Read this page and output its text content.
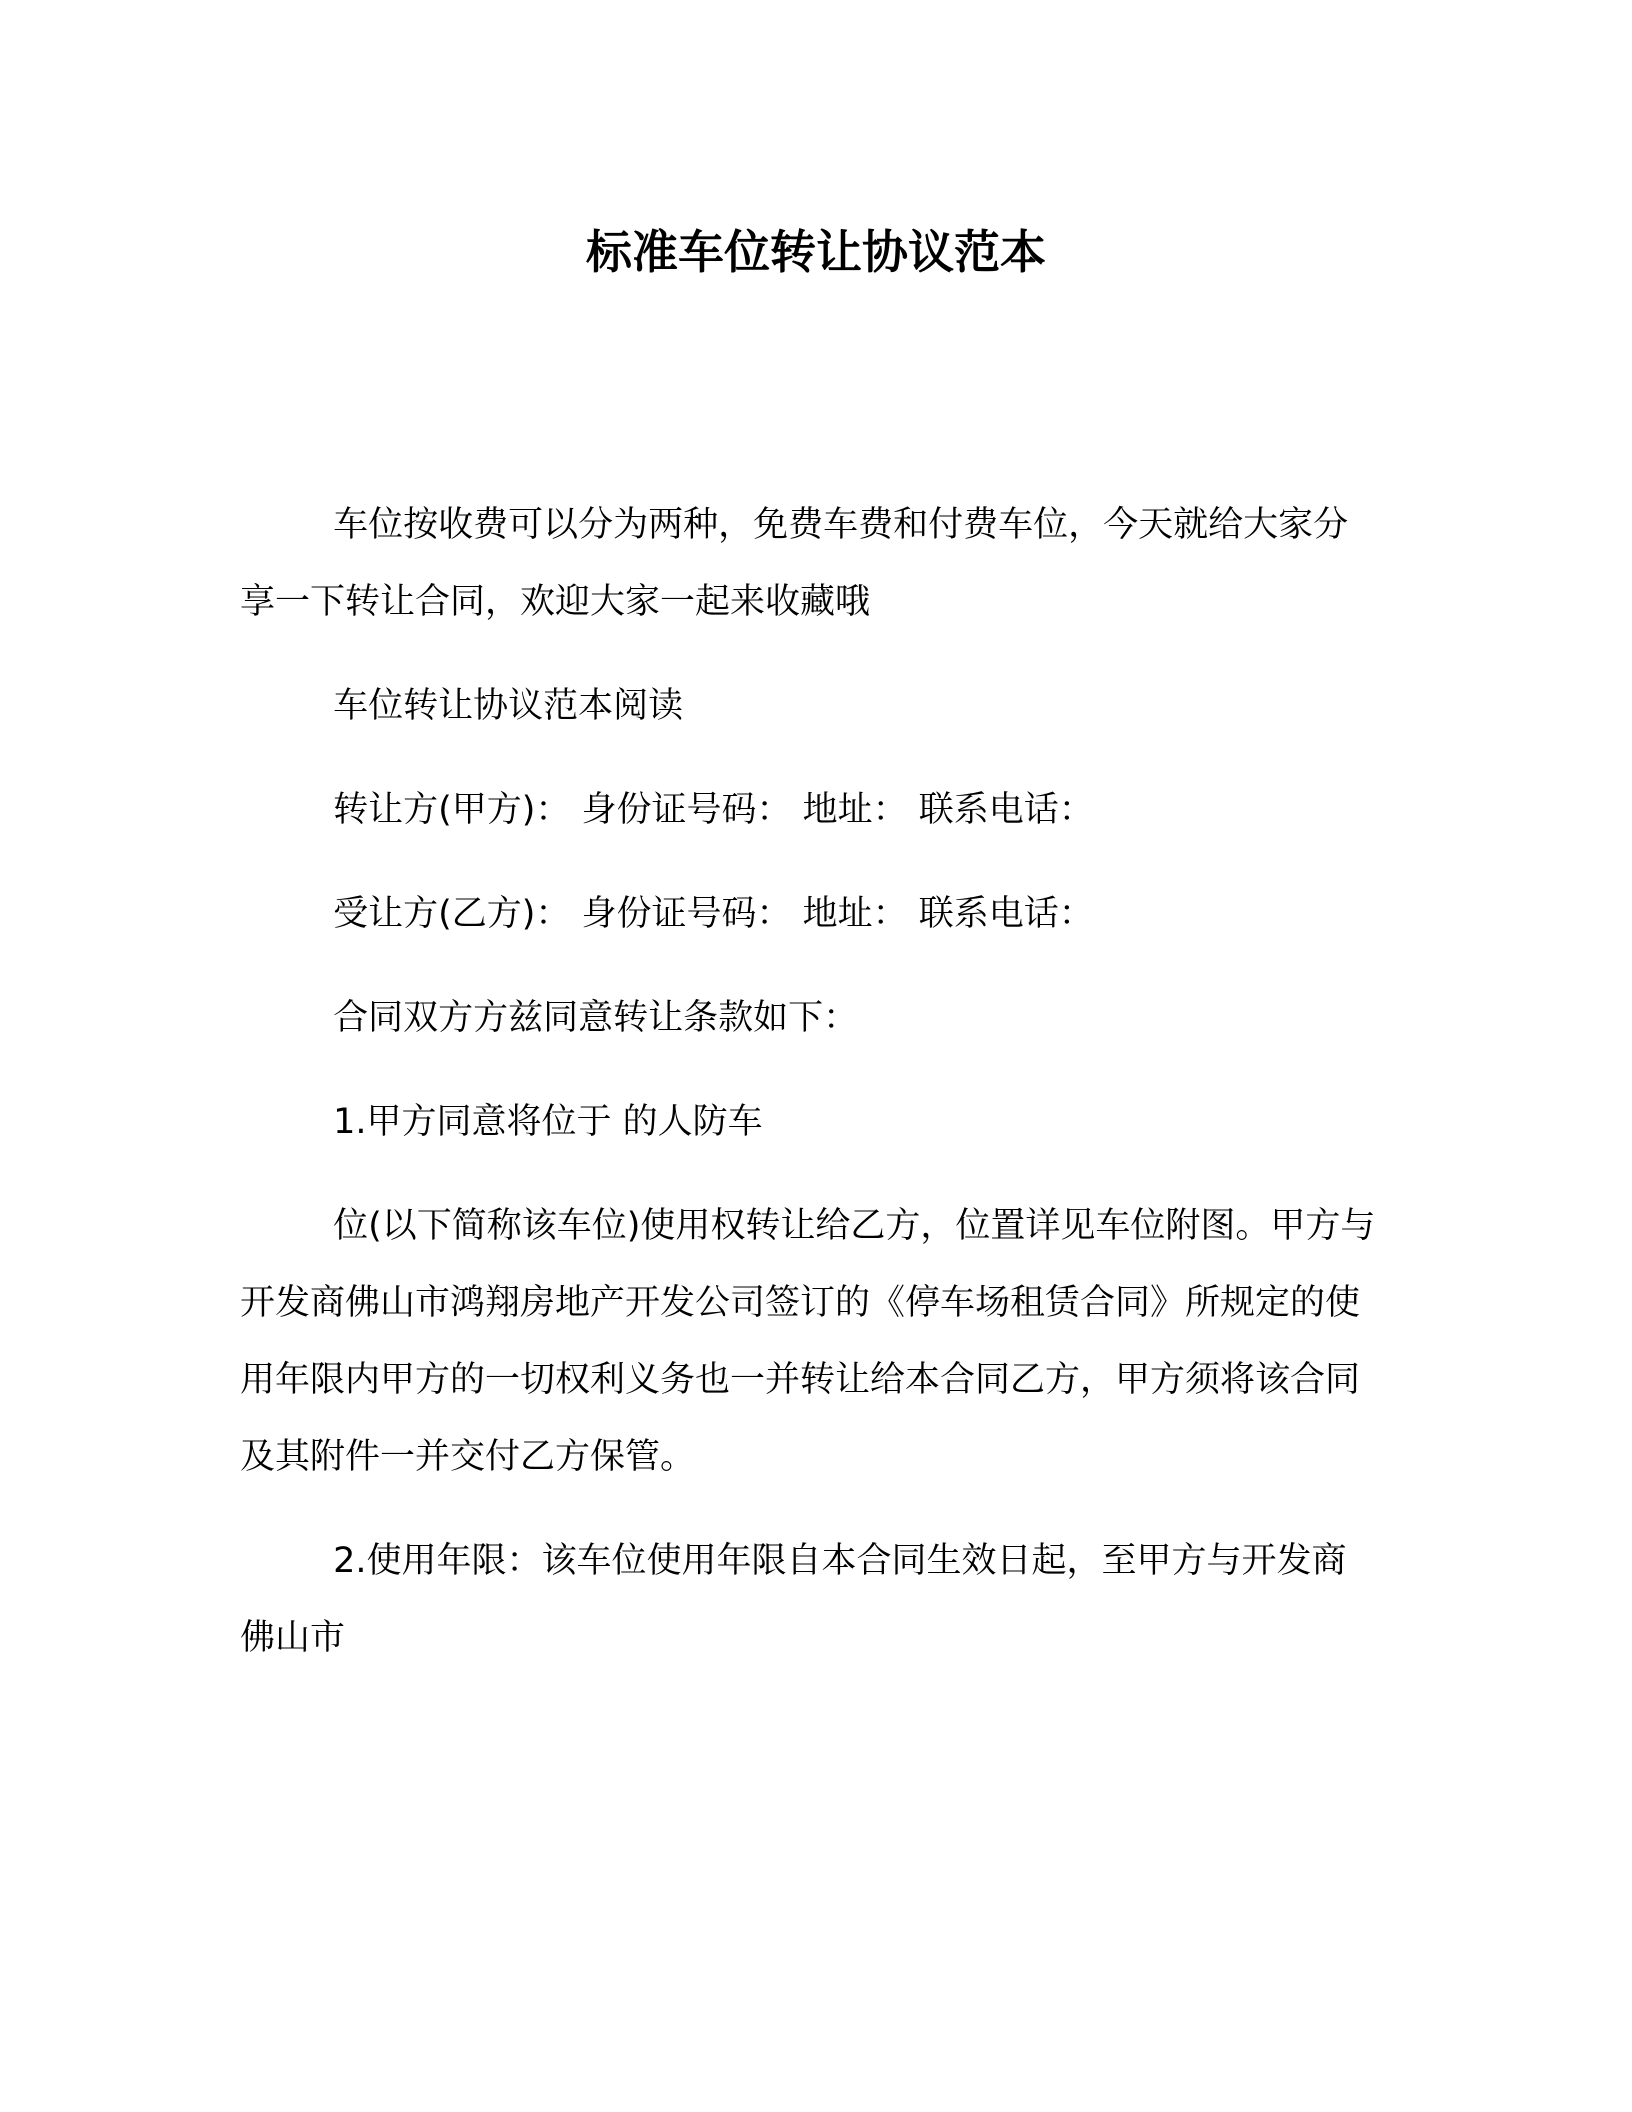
标准车位转让协议范本

车位按收费可以分为两种，免费车费和付费车位，今天就给大家分享一下转让合同，欢迎大家一起来收藏哦

车位转让协议范本阅读

转让方(甲方)： 身份证号码： 地址： 联系电话：

受让方(乙方)： 身份证号码： 地址： 联系电话：

合同双方方兹同意转让条款如下：

1.甲方同意将位于 的人防车

位(以下简称该车位)使用权转让给乙方，位置详见车位附图。甲方与开发商佛山市鸿翔房地产开发公司签订的《停车场租赁合同》所规定的使用年限内甲方的一切权利义务也一并转让给本合同乙方，甲方须将该合同及其附件一并交付乙方保管。

2.使用年限：该车位使用年限自本合同生效日起，至甲方与开发商佛山市
